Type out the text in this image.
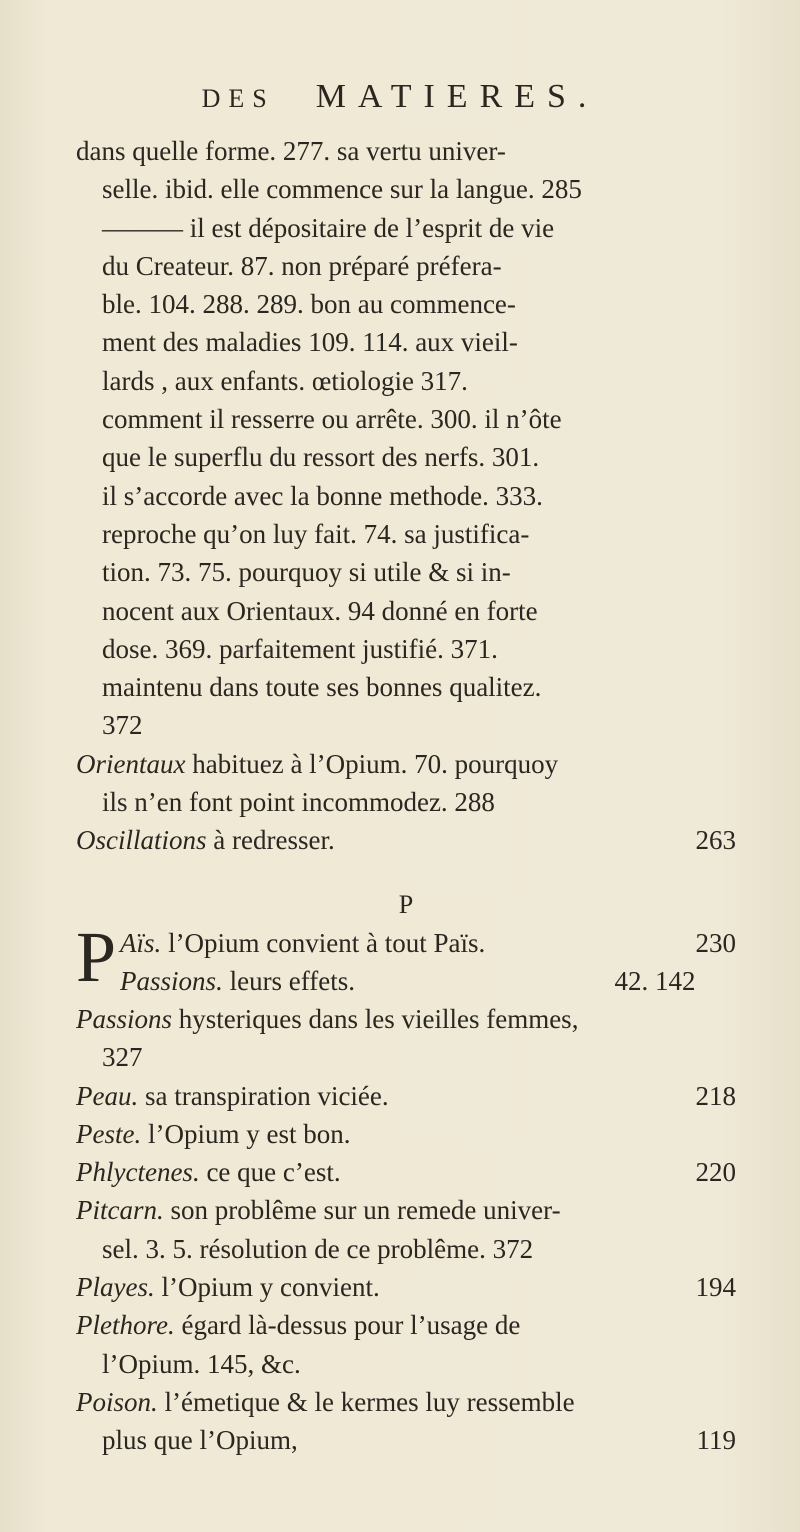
DES MATIERES.
dans quelle forme. 277. sa vertu univer-
selle. ibid. elle commence sur la langue. 285
——— il est dépositaire de l’esprit de vie
du Createur. 87. non préparé préfera-
ble. 104. 288. 289. bon au commence-
ment des maladies 109. 114. aux vieil-
lards , aux enfants. œtiologie 317.
comment il resserre ou arrête. 300. il n’ôte
que le superflu du ressort des nerfs. 301.
il s’accorde avec la bonne methode. 333.
reproche qu’on luy fait. 74. sa justifica-
tion. 73. 75. pourquoy si utile & si in-
nocent aux Orientaux. 94 donné en forte
dose. 369. parfaitement justifié. 371.
maintenu dans toute ses bonnes qualitez.
372
Orientaux habituez à l’Opium. 70. pourquoy
ils n’en font point incommodez. 288
Oscillations à redresser.	263
P
P Aïs. l’Opium convient à tout Païs.	230
Passions. leurs effets.	42. 142
Passions hysteriques dans les vieilles femmes,
327
Peau. sa transpiration viciée.	218
Peste. l’Opium y est bon.
Phlyctenes. ce que c’est.	220
Pitcarn. son problême sur un remede univer-
sel. 3. 5. résolution de ce problême. 372
Playes. l’Opium y convient.	194
Plethore. égard là-dessus pour l’usage de
l’Opium. 145, &c.
Poison. l’émetique & le kermes luy ressemble
plus que l’Opium,	119
